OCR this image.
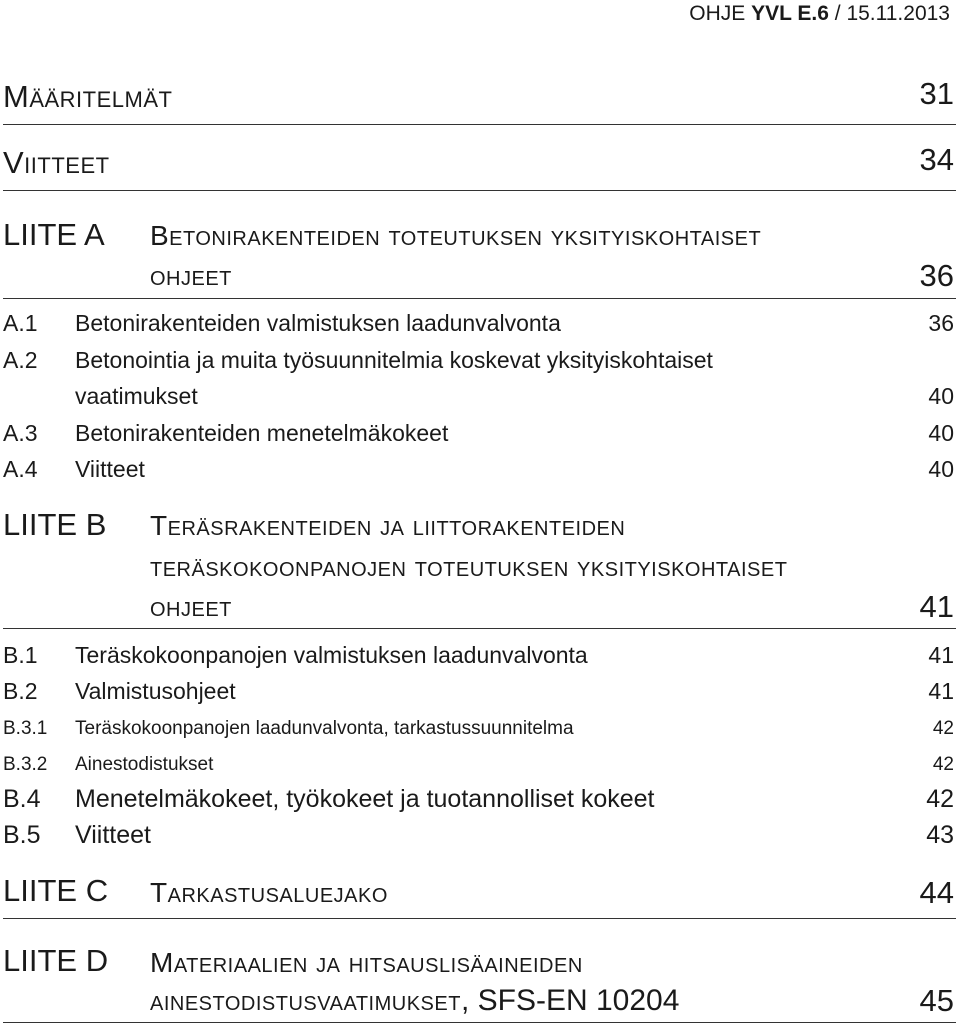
OHJE YVL E.6 / 15.11.2013
Määritelmät	31
Viitteet	34
LIITE A Betonirakenteiden toteutuksen yksityiskohtaiset
ohjeet	36
A.1 Betonirakenteiden valmistuksen laadunvalvonta	36
A.2 Betonointia ja muita työsuunnitelmia koskevat yksityiskohtaiset
vaatimukset	40
A.3 Betonirakenteiden menetelmäkokeet	40
A.4 Viitteet	40
LIITE B Teräsrakenteiden ja liittorakenteiden
teräskokoonpanojen toteutuksen yksityiskohtaiset
ohjeet	41
B.1 Teräskokoonpanojen valmistuksen laadunvalvonta	41
B.2 Valmistusohjeet	41
B.3.1 Teräskokoonpanojen laadunvalvonta, tarkastussuunnitelma	42
B.3.2 Ainestodistukset	42
B.4 Menetelmäkokeet, työkokeet ja tuotannolliset kokeet	42
B.5 Viitteet	43
LIITE C Tarkastusaluejako	44
LIITE D Materiaalien ja hitsauslisäaineiden
ainestodistusvaatimukset, SFS-EN 10204	45
